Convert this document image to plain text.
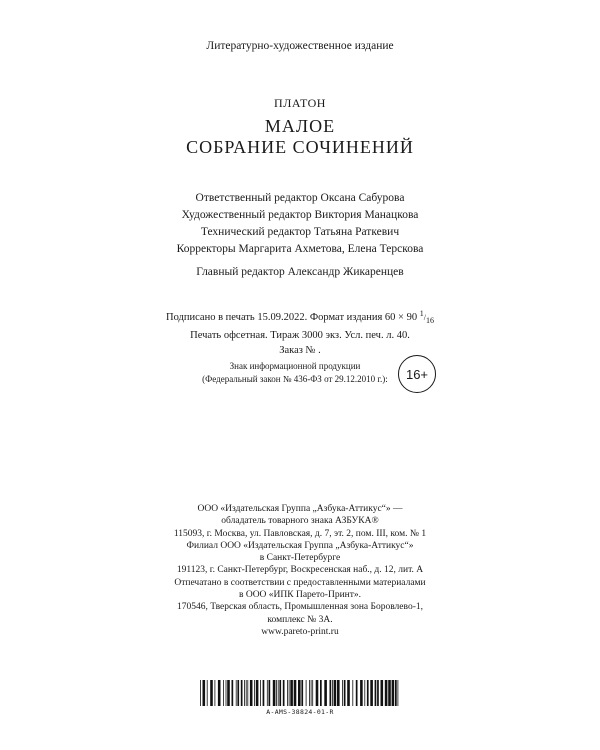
Литературно-художественное издание
ПЛАТОН
МАЛОЕ
СОБРАНИЕ СОЧИНЕНИЙ
Ответственный редактор Оксана Сабурова
Художественный редактор Виктория Манацкова
Технический редактор Татьяна Раткевич
Корректоры Маргарита Ахметова, Елена Терскова
Главный редактор Александр Жикаренцев
Подписано в печать 15.09.2022. Формат издания 60 × 90 1/16
Печать офсетная. Тираж 3000 экз. Усл. печ. л. 40.
Заказ № .
Знак информационной продукции
(Федеральный закон № 436-ФЗ от 29.12.2010 г.):	16+
ООО «Издательская Группа „Азбука-Аттикус“» —
обладатель товарного знака АЗБУКА®
115093, г. Москва, ул. Павловская, д. 7, эт. 2, пом. III, ком. № 1
Филиал ООО «Издательская Группа „Азбука-Аттикус“»
в Санкт-Петербурге
191123, г. Санкт-Петербург, Воскресенская наб., д. 12, лит. А
Отпечатано в соответствии с предоставленными материалами
в ООО «ИПК Парето-Принт».
170546, Тверская область, Промышленная зона Боровлево-1,
комплекс № 3А.
www.pareto-print.ru
A-AMS-38824-01-R
